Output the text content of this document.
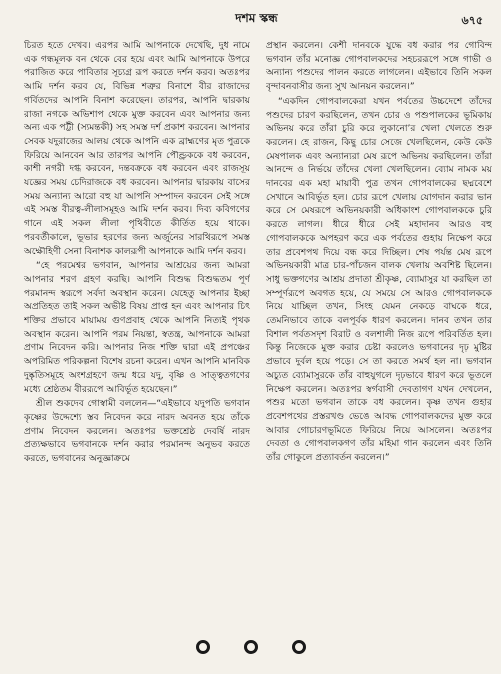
দশম স্কন্ধ	৬৭৫

চিরত হতে দেখব। এরপর আমি আপনাকে দেখেছি, দুধ নামে এক গন্ধমূলক বন থেকে বের হয়ে এবং আমি আপনাকে উপরে পরাজিত করে পাবিতার সূচ্যগ্র রূপ করতে দর্শন করব। অতঃপর আমি দর্শন করব যে, বিভিন্ন শত্রুর বিনাশে বীর রাজাদের গর্বিতদের আপনি বিনাশ করেছেন। তারপর, আপনি দ্বারকায় রাজা নগকে অভিশাপ থেকে মুক্ত করবেন এবং আপনার জন্য অন্য এক পট্টী (স্যমন্তকী) সহ সমস্ত দর্শ প্রকাশ করবেন। আপনার সেবক যদুরাজের আলয় থেকে আপনি এক ব্রাহ্মণের মৃত পুত্রকে ফিরিয়ে আনবেন আর তারপর আপনি পৌণ্ড্রককে বধ করবেন, কাশী নগরী দগ্ধ করবেন, দন্তবক্রকে বধ করবেন এবং রাজসূয় যজ্ঞের সময় চেদিরাজকে বধ করবেন। আপনার দ্বারকায় বাসের সময় অন্যান্য আরো বহু যা আপনি সম্পাদন করবেন সেই সঙ্গে এই সমস্ত বীরত্ব-লীলাসমূহও আমি দর্শন করব। দিব্য কবিগণের গানে এই সকল লীলা পৃথিবীতে কীর্তিত হয়ে থাকে। পরবর্তীকালে, ভূভার হরণের জন্য অর্জুনের সারথিরূপে সমস্ত অক্ষৌহিণী সেনা বিনাশক কালরূপী আপনাকে আমি দর্শন করব।

“হে পরমেশ্বর ভগবান, আপনার আশ্রয়ের জন্য আমরা আপনার শরণ গ্রহণ করছি। আপনি বিশুদ্ধ বিশুদ্ধতম পূর্ণ পরমানন্দ স্বরূপে সর্বদা অবস্থান করেন। যেহেতু আপনার ইচ্ছা অপ্রতিহত তাই সকল অভীষ্ট বিষয় প্রাপ্ত হন এবং আপনার চিৎ শক্তির প্রভাবে মায়াময় গুণপ্রবাহ থেকে আপনি নিত্যই পৃথক অবস্থান করেন। আপনি পরম নিয়ন্তা, স্বতন্ত্র, আপনাকে আমরা প্রণাম নিবেদন করি। আপনার নিজ শক্তি দ্বারা এই প্রপঞ্চের অপরিমিত পরিকল্পনা বিশেষ রচনা করেন। এখন আপনি মানবিক দুষ্কৃতিসমূহে অংশগ্রহণে জন্ম ধরে যদু, বৃষ্ণি ও সাত্ত্বতগণের মধ্যে শ্রেষ্ঠতম বীররূপে আবির্ভূত হয়েছেন।”

শ্রীল শুকদেব গোস্বামী বললেন—“এইভাবে যদুপতি ভগবান কৃষ্ণের উদ্দেশ্যে স্তব নিবেদন করে নারদ অবনত হয়ে তাঁকে প্রণাম নিবেদন করলেন। অতঃপর ভক্তশ্রেষ্ঠ দেবর্ষি নারদ প্রত্যক্ষভাবে ভগবানকে দর্শন করার পরমানন্দ অনুভব করতে করতে, ভগবানের অনুজ্ঞাক্রমে

প্রস্থান করলেন। কেশী দানবকে যুদ্ধে বধ করার পর গোবিন্দ ভগবান তাঁর মনোজ্ঞ গোপবালকদের সহচররূপে সঙ্গে গাভী ও অন্যান্য পশুদের পালন করতে লাগলেন। এইভাবে তিনি সকল বৃন্দাবনবাসীর জন্য সুখ আনয়ন করলেন।”

“একদিন গোপবালকেরা যখন পর্বতের উচ্চদেশে তাঁদের পশুদের চারণ করছিলেন, তখন চোর ও পশুপালকের ভূমিকায় অভিনয় করে তাঁরা চুরি করে লুকানো’র খেলা খেলতে শুরু করলেন। হে রাজন, কিছু চোর সেজে খেলছিলেন, কেউ কেউ মেষপালক এবং অন্যান্যরা মেষ রূপে অভিনয় করছিলেন। তাঁরা আনন্দে ও নির্ভয়ে তাঁদের খেলা খেলছিলেন। ব্যোম নামক ময় দানবের এক মহা মায়াবী পুত্র তখন গোপবালকের ছদ্মবেশে সেখানে আবির্ভূত হল। চোর রূপে খেলায় যোগদান করার ভান করে সে মেষরূপে অভিনয়কারী অধিকাংশ গোপবালককে চুরি করতে লাগল। ধীরে ধীরে সেই মহাদানব আরও বহু গোপবালককে অপহরণ করে এক পর্বতের গুহায় নিক্ষেপ করে তার প্রবেশপথ দিয়ে বন্ধ করে দিচ্ছিল। শেষ পর্যন্ত মেষ রূপে অভিনয়কারী মাত্র চার-পাঁচজন বালক খেলায় অবশিষ্ট ছিলেন। সাধু ভক্তগণের আশ্রয় প্রদাতা শ্রীকৃষ্ণ, ব্যোমাসুর যা করছিল তা সম্পূর্ণরূপে অবগত হয়ে, যে সময়ে সে আরও গোপবালককে নিয়ে যাচ্ছিল তখন, সিংহ যেমন নেকড়ে বাঘকে ধরে, তেমনিভাবে তাকে বলপূর্বক ধারণ করলেন। দানব তখন তার বিশাল পর্বতসদৃশ বিরাট ও বলশালী নিজ রূপে পরিবর্তিত হল। কিন্তু নিজেকে মুক্ত করার চেষ্টা করলেও ভগবানের দৃঢ় মুষ্টির প্রভাবে দুর্বল হয়ে পড়ে। সে তা করতে সমর্থ হল না। ভগবান অচ্যুত ব্যোমাসুরকে তাঁর বাহুযুগলে দৃঢ়ভাবে ধারণ করে ভূতলে নিক্ষেপ করলেন। অতঃপর স্বর্গবাসী দেবতাগণ যখন দেখলেন, পশুর মতো ভগবান তাকে বধ করলেন। কৃষ্ণ তখন গুহার প্রবেশপথের প্রস্তরখণ্ড ভেঙে আবদ্ধ গোপবালকদের মুক্ত করে আবার গোচারণভূমিতে ফিরিয়ে নিয়ে আসলেন। অতঃপর দেবতা ও গোপবালকগণ তাঁর মহিমা গান করলেন এবং তিনি তাঁর গোকুলে প্রত্যাবর্তন করলেন।”
